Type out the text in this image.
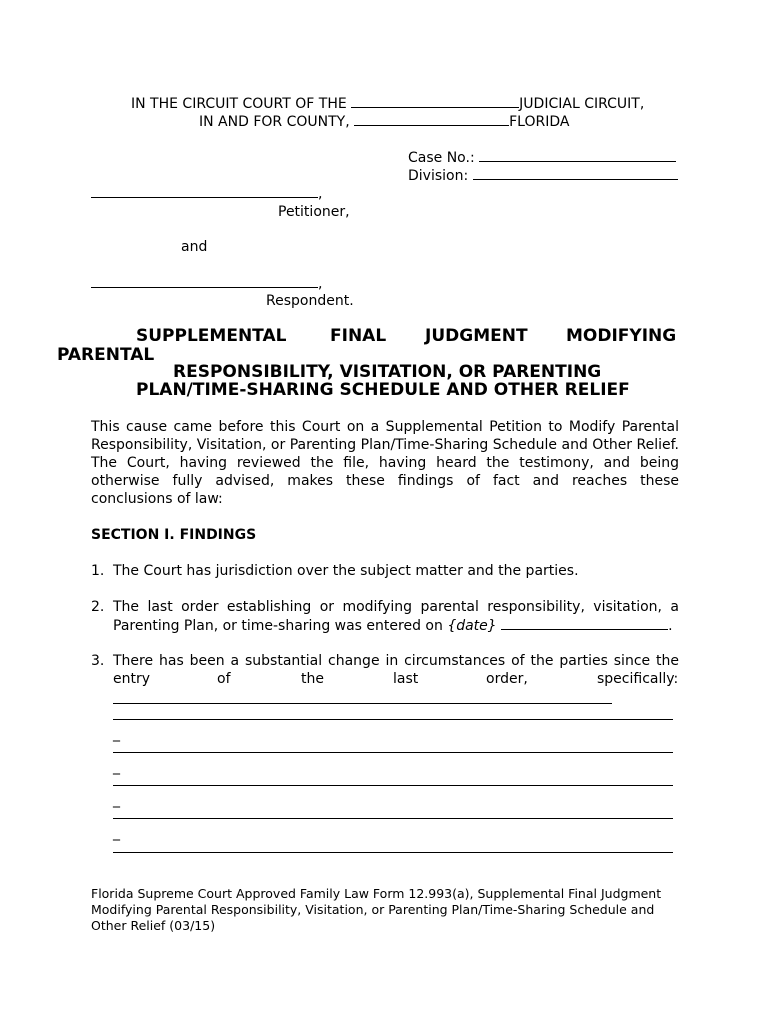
IN THE CIRCUIT COURT OF THE	JUDICIAL CIRCUIT,
IN AND FOR COUNTY,	FLORIDA
Case No.:
Division:
,
Petitioner,
and
,
Respondent.
SUPPLEMENTAL	FINAL JUDGMENT MODIFYING
PARENTAL
RESPONSIBILITY, VISITATION, OR PARENTING
PLAN/TIME-SHARING SCHEDULE AND OTHER RELIEF
This cause came before this Court on a Supplemental Petition to Modify Parental Responsibility, Visitation, or Parenting Plan/Time-Sharing Schedule and Other Relief. The Court, having reviewed the file, having heard the testimony, and being otherwise fully advised, makes these findings of fact and reaches these conclusions of law:
SECTION I. FINDINGS
1. The Court has jurisdiction over the subject matter and the parties.
2. The last order establishing or modifying parental responsibility, visitation, a
Parenting Plan, or time-sharing was entered on {date}	.
3. There has been a substantial change in circumstances of the parties since the
entry	of	the	last	order,	specifically:
_
_
_
_
Florida Supreme Court Approved Family Law Form 12.993(a), Supplemental Final Judgment Modifying Parental Responsibility, Visitation, or Parenting Plan/Time-Sharing Schedule and Other Relief (03/15)
